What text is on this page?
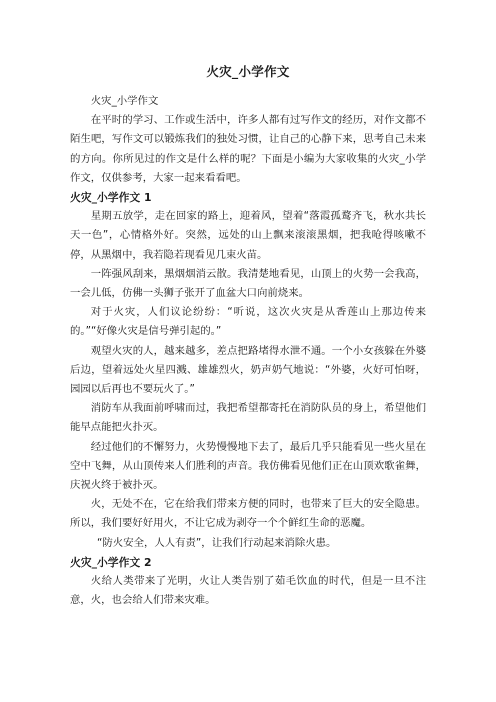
火灾_小学作文

火灾_小学作文

在平时的学习、工作或生活中，许多人都有过写作文的经历，对作文都不陌生吧，写作文可以锻炼我们的独处习惯，让自己的心静下来，思考自己未来的方向。你所见过的作文是什么样的呢？下面是小编为大家收集的火灾_小学作文，仅供参考，大家一起来看看吧。

火灾_小学作文 1

星期五放学，走在回家的路上，迎着风，望着“落霞孤鹜齐飞，秋水共长天一色”，心情格外好。突然，远处的山上飘来滚滚黑烟，把我呛得咳嗽不停，从黑烟中，我若隐若现看见几束火苗。

一阵强风刮来，黑烟烟消云散。我清楚地看见，山顶上的火势一会我高，一会儿低，仿佛一头狮子张开了血盆大口向前烧来。

对于火灾，人们议论纷纷：“听说，这次火灾是从香莲山上那边传来的。”“好像火灾是信号弹引起的。”

观望火灾的人，越来越多，差点把路堵得水泄不通。一个小女孩躲在外婆后边，望着远处火星四溅、雄雄烈火，奶声奶气地说：“外婆，火好可怕呀，园园以后再也不要玩火了。”

消防车从我面前呼啸而过，我把希望都寄托在消防队员的身上，希望他们能早点能把火扑灭。

经过他们的不懈努力，火势慢慢地下去了，最后几乎只能看见一些火星在空中飞舞，从山顶传来人们胜利的声音。我仿佛看见他们正在山顶欢歌雀舞，庆祝火终于被扑灭。

火，无处不在，它在给我们带来方便的同时，也带来了巨大的安全隐患。所以，我们要好好用火，不让它成为剥夺一个个鲜红生命的恶魔。

“防火安全，人人有责”，让我们行动起来消除火患。

火灾_小学作文 2

火给人类带来了光明，火让人类告别了茹毛饮血的时代，但是一旦不注意，火，也会给人们带来灾难。
